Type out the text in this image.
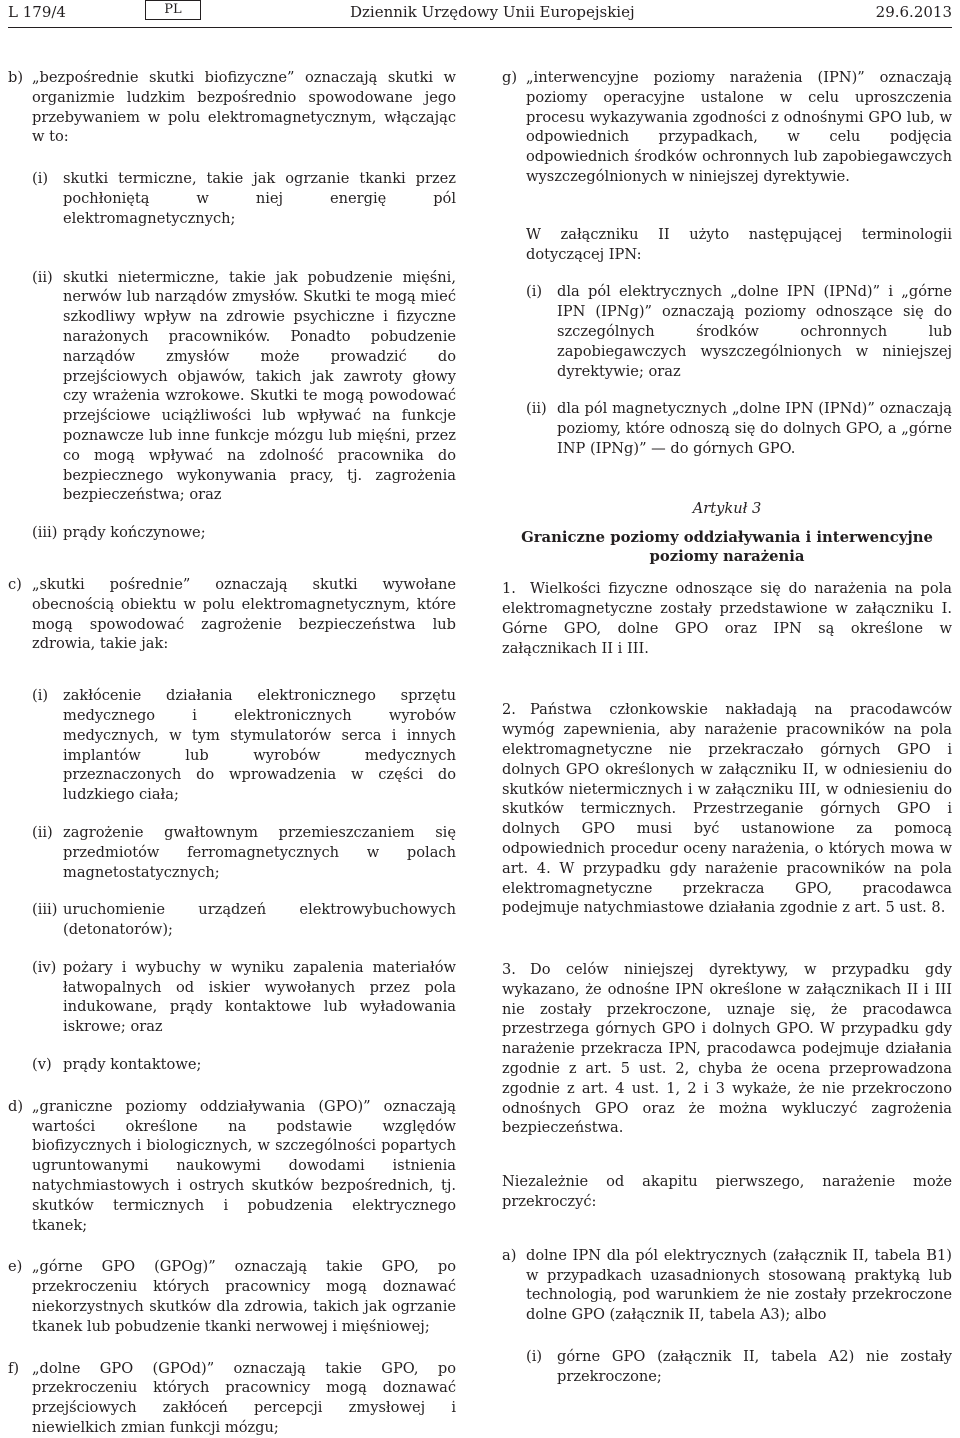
L 179/4	PL	Dziennik Urzędowy Unii Europejskiej	29.6.2013
b) „bezpośrednie skutki biofizyczne” oznaczają skutki w organizmie ludzkim bezpośrednio spowodowane jego przebywaniem w polu elektromagnetycznym, włączając w to:
(i) skutki termiczne, takie jak ogrzanie tkanki przez pochłoniętą w niej energię pól elektromagnetycznych;
(ii) skutki nietermiczne, takie jak pobudzenie mięśni, nerwów lub narządów zmysłów. Skutki te mogą mieć szkodliwy wpływ na zdrowie psychiczne i fizyczne narażonych pracowników. Ponadto pobudzenie narządów zmysłów może prowadzić do przejściowych objawów, takich jak zawroty głowy czy wrażenia wzrokowe. Skutki te mogą powodować przejściowe uciążliwości lub wpływać na funkcje poznawcze lub inne funkcje mózgu lub mięśni, przez co mogą wpływać na zdolność pracownika do bezpiecznego wykonywania pracy, tj. zagrożenia bezpieczeństwa; oraz
(iii) prądy kończynowe;
c) „skutki pośrednie” oznaczają skutki wywołane obecnością obiektu w polu elektromagnetycznym, które mogą spowodować zagrożenie bezpieczeństwa lub zdrowia, takie jak:
(i) zakłócenie działania elektronicznego sprzętu medycznego i elektronicznych wyrobów medycznych, w tym stymulatorów serca i innych implantów lub wyrobów medycznych przeznaczonych do wprowadzenia w części do ludzkiego ciała;
(ii) zagrożenie gwałtownym przemieszczaniem się przedmiotów ferromagnetycznych w polach magnetostatycznych;
(iii) uruchomienie urządzeń elektrowybuchowych (detonatorów);
(iv) pożary i wybuchy w wyniku zapalenia materiałów łatwopalnych od iskier wywołanych przez pola indukowane, prądy kontaktowe lub wyładowania iskrowe; oraz
(v) prądy kontaktowe;
d) „graniczne poziomy oddziaływania (GPO)” oznaczają wartości określone na podstawie względów biofizycznych i biologicznych, w szczególności popartych ugruntowanymi naukowymi dowodami istnienia natychmiastowych i ostrych skutków bezpośrednich, tj. skutków termicznych i pobudzenia elektrycznego tkanek;
e) „górne GPO (GPOg)” oznaczają takie GPO, po przekroczeniu których pracownicy mogą doznawać niekorzystnych skutków dla zdrowia, takich jak ogrzanie tkanek lub pobudzenie tkanki nerwowej i mięśniowej;
f) „dolne GPO (GPOd)” oznaczają takie GPO, po przekroczeniu których pracownicy mogą doznawać przejściowych zakłóceń percepcji zmysłowej i niewielkich zmian funkcji mózgu;
g) „interwencyjne poziomy narażenia (IPN)” oznaczają poziomy operacyjne ustalone w celu uproszczenia procesu wykazywania zgodności z odnośnymi GPO lub, w odpowiednich przypadkach, w celu podjęcia odpowiednich środków ochronnych lub zapobiegawczych wyszczególnionych w niniejszej dyrektywie.

W załączniku II użyto następującej terminologii dotyczącej IPN:

(i) dla pól elektrycznych „dolne IPN (IPNd)” i „górne IPN (IPNg)” oznaczają poziomy odnoszące się do szczególnych środków ochronnych lub zapobiegawczych wyszczególnionych w niniejszej dyrektywie; oraz
(ii) dla pól magnetycznych „dolne IPN (IPNd)” oznaczają poziomy, które odnoszą się do dolnych GPO, a „górne INP (IPNg)” — do górnych GPO.

Artykuł 3

Graniczne poziomy oddziaływania i interwencyjne poziomy narażenia

1. Wielkości fizyczne odnoszące się do narażenia na pola elektromagnetyczne zostały przedstawione w załączniku I. Górne GPO, dolne GPO oraz IPN są określone w załącznikach II i III.

2. Państwa członkowskie nakładają na pracodawców wymóg zapewnienia, aby narażenie pracowników na pola elektromagnetyczne nie przekraczało górnych GPO i dolnych GPO określonych w załączniku II, w odniesieniu do skutków nietermicznych i w załączniku III, w odniesieniu do skutków termicznych. Przestrzeganie górnych GPO i dolnych GPO musi być ustanowione za pomocą odpowiednich procedur oceny narażenia, o których mowa w art. 4. W przypadku gdy narażenie pracowników na pola elektromagnetyczne przekracza GPO, pracodawca podejmuje natychmiastowe działania zgodnie z art. 5 ust. 8.

3. Do celów niniejszej dyrektywy, w przypadku gdy wykazano, że odnośne IPN określone w załącznikach II i III nie zostały przekroczone, uznaje się, że pracodawca przestrzega górnych GPO i dolnych GPO. W przypadku gdy narażenie przekracza IPN, pracodawca podejmuje działania zgodnie z art. 5 ust. 2, chyba że ocena przeprowadzona zgodnie z art. 4 ust. 1, 2 i 3 wykaże, że nie przekroczono odnośnych GPO oraz że można wykluczyć zagrożenia bezpieczeństwa.

Niezależnie od akapitu pierwszego, narażenie może przekroczyć:

a) dolne IPN dla pól elektrycznych (załącznik II, tabela B1) w przypadkach uzasadnionych stosowaną praktyką lub technologią, pod warunkiem że nie zostały przekroczone dolne GPO (załącznik II, tabela A3); albo
(i) górne GPO (załącznik II, tabela A2) nie zostały przekroczone;
